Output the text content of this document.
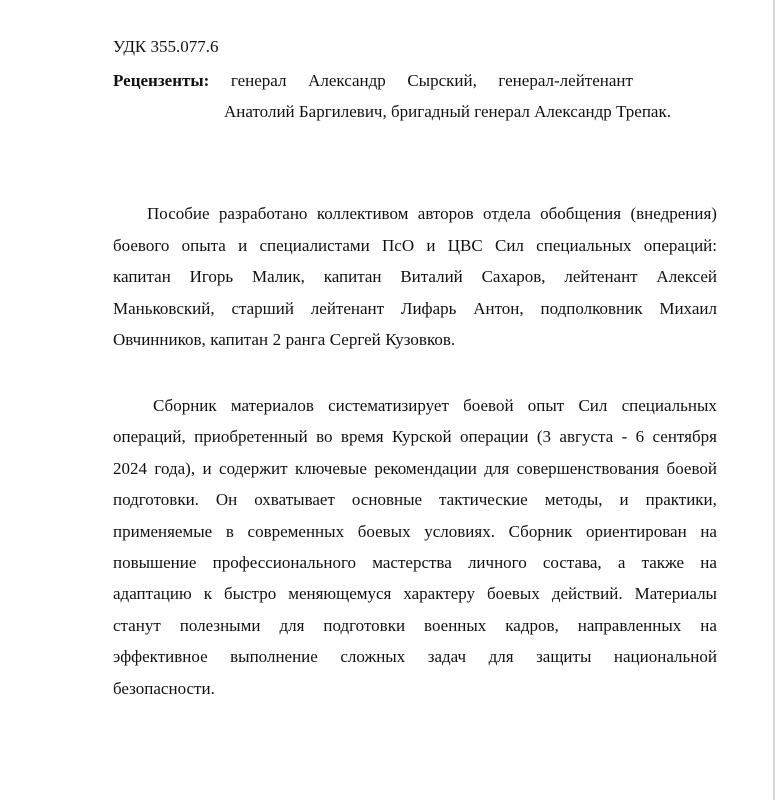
УДК 355.077.6
Рецензенты: генерал Александр Сырский, генерал-лейтенант
Анатолий Баргилевич, бригадный генерал Александр Трепак.
Пособие разработано коллективом авторов отдела обобщения (внедрения)
боевого опыта и специалистами ПсО и ЦВС Сил специальных операций:
капитан Игорь Малик, капитан Виталий Сахаров, лейтенант Алексей
Маньковский, старший лейтенант Лифарь Антон, подполковник Михаил
Овчинников, капитан 2 ранга Сергей Кузовков.
Сборник материалов систематизирует боевой опыт Сил специальных
операций, приобретенный во время Курской операции (3 августа - 6 сентября
2024 года), и содержит ключевые рекомендации для совершенствования боевой
подготовки. Он охватывает основные тактические методы, и практики,
применяемые в современных боевых условиях. Сборник ориентирован на
повышение профессионального мастерства личного состава, а также на
адаптацию к быстро меняющемуся характеру боевых действий. Материалы
станут полезными для подготовки военных кадров, направленных на
эффективное выполнение сложных задач для защиты национальной
безопасности.
